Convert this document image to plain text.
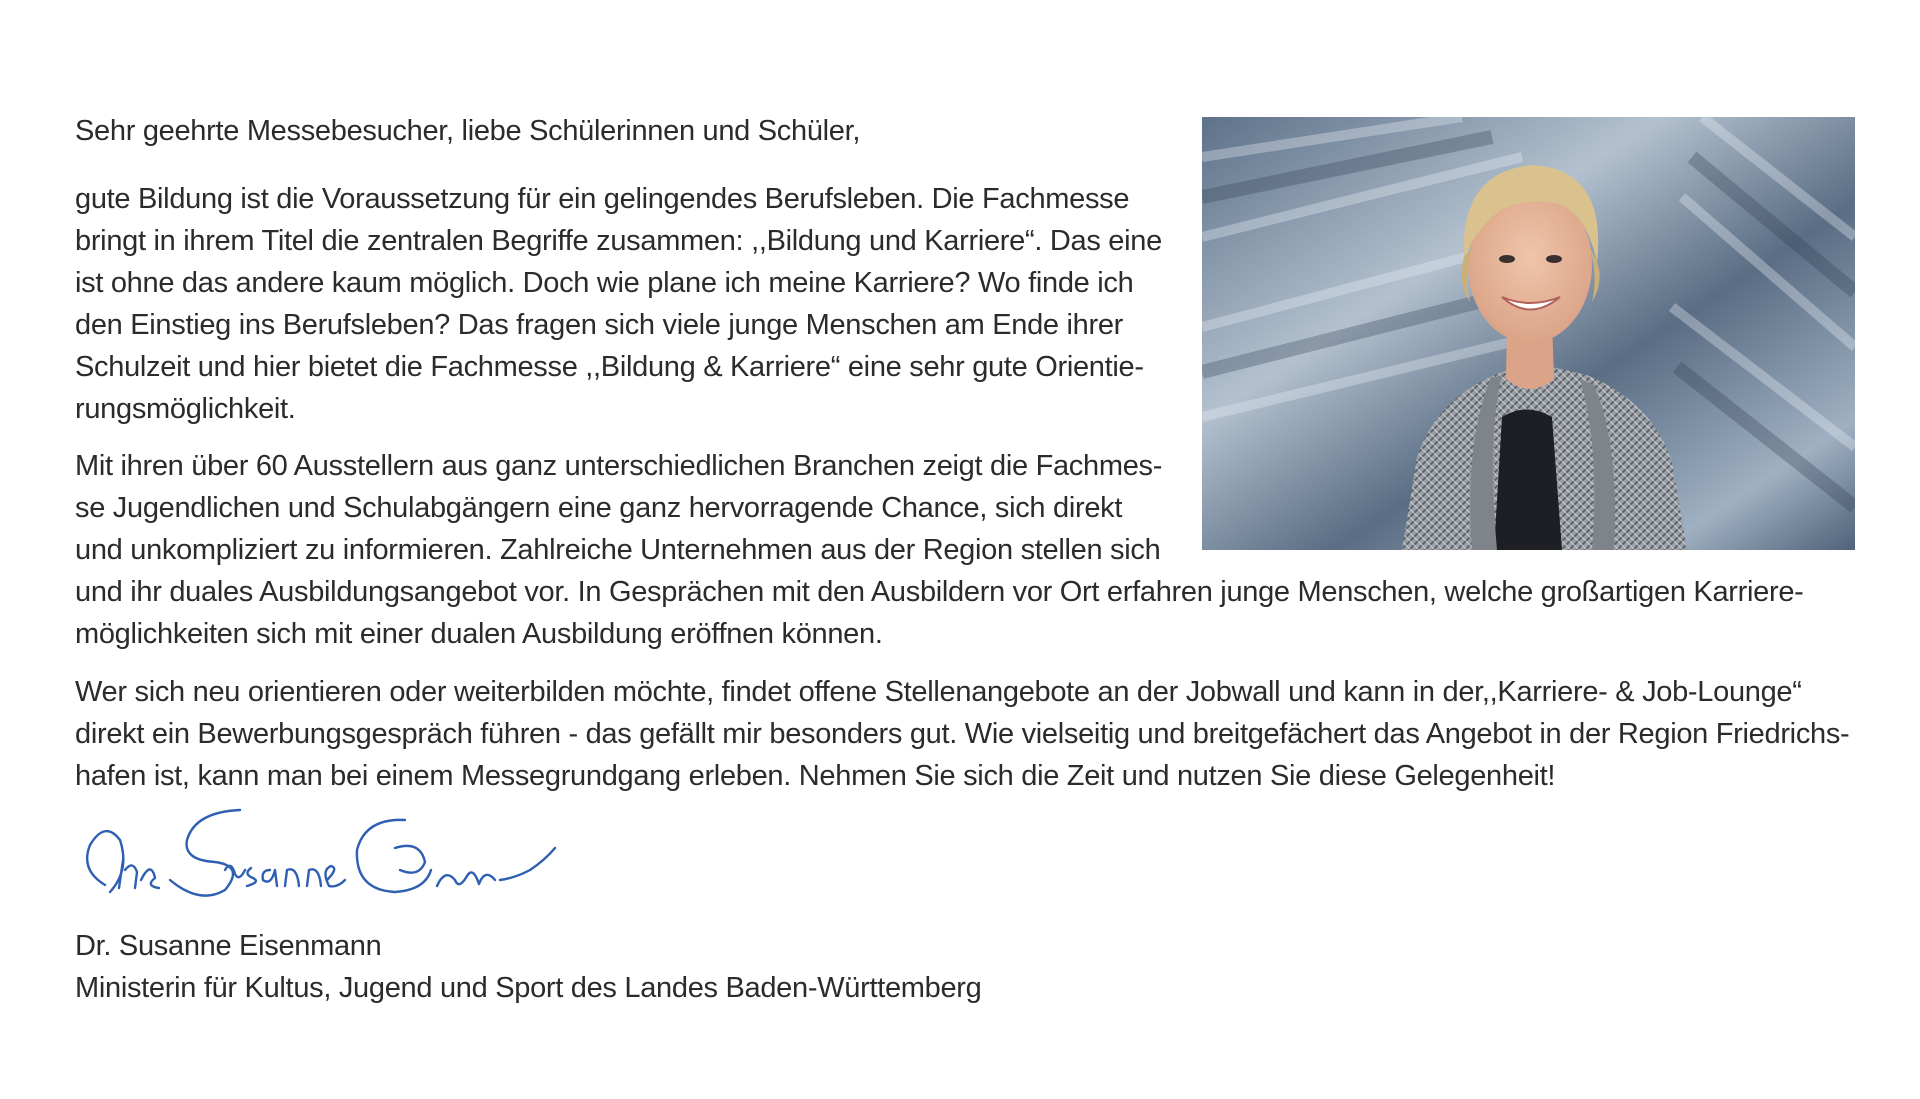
Sehr geehrte Messebesucher, liebe Schülerinnen und Schüler,

gute Bildung ist die Voraussetzung für ein gelingendes Berufsleben. Die Fachmesse
bringt in ihrem Titel die zentralen Begriffe zusammen: ,,Bildung und Karriere“. Das eine
ist ohne das andere kaum möglich. Doch wie plane ich meine Karriere? Wo finde ich
den Einstieg ins Berufsleben? Das fragen sich viele junge Menschen am Ende ihrer
Schulzeit und hier bietet die Fachmesse ,,Bildung & Karriere“ eine sehr gute Orientie-
rungsmöglichkeit.

Mit ihren über 60 Ausstellern aus ganz unterschiedlichen Branchen zeigt die Fachmes-
se Jugendlichen und Schulabgängern eine ganz hervorragende Chance, sich direkt
und unkompliziert zu informieren. Zahlreiche Unternehmen aus der Region stellen sich
und ihr duales Ausbildungsangebot vor. In Gesprächen mit den Ausbildern vor Ort erfahren junge Menschen, welche großartigen Karriere-
möglichkeiten sich mit einer dualen Ausbildung eröffnen können.

Wer sich neu orientieren oder weiterbilden möchte, findet offene Stellenangebote an der Jobwall und kann in der,,Karriere- & Job-Lounge“
direkt ein Bewerbungsgespräch führen - das gefällt mir besonders gut. Wie vielseitig und breitgefächert das Angebot in der Region Friedrichs-
hafen ist, kann man bei einem Messegrundgang erleben. Nehmen Sie sich die Zeit und nutzen Sie diese Gelegenheit!

Dr. Susanne Eisenmann
Ministerin für Kultus, Jugend und Sport des Landes Baden-Württemberg
